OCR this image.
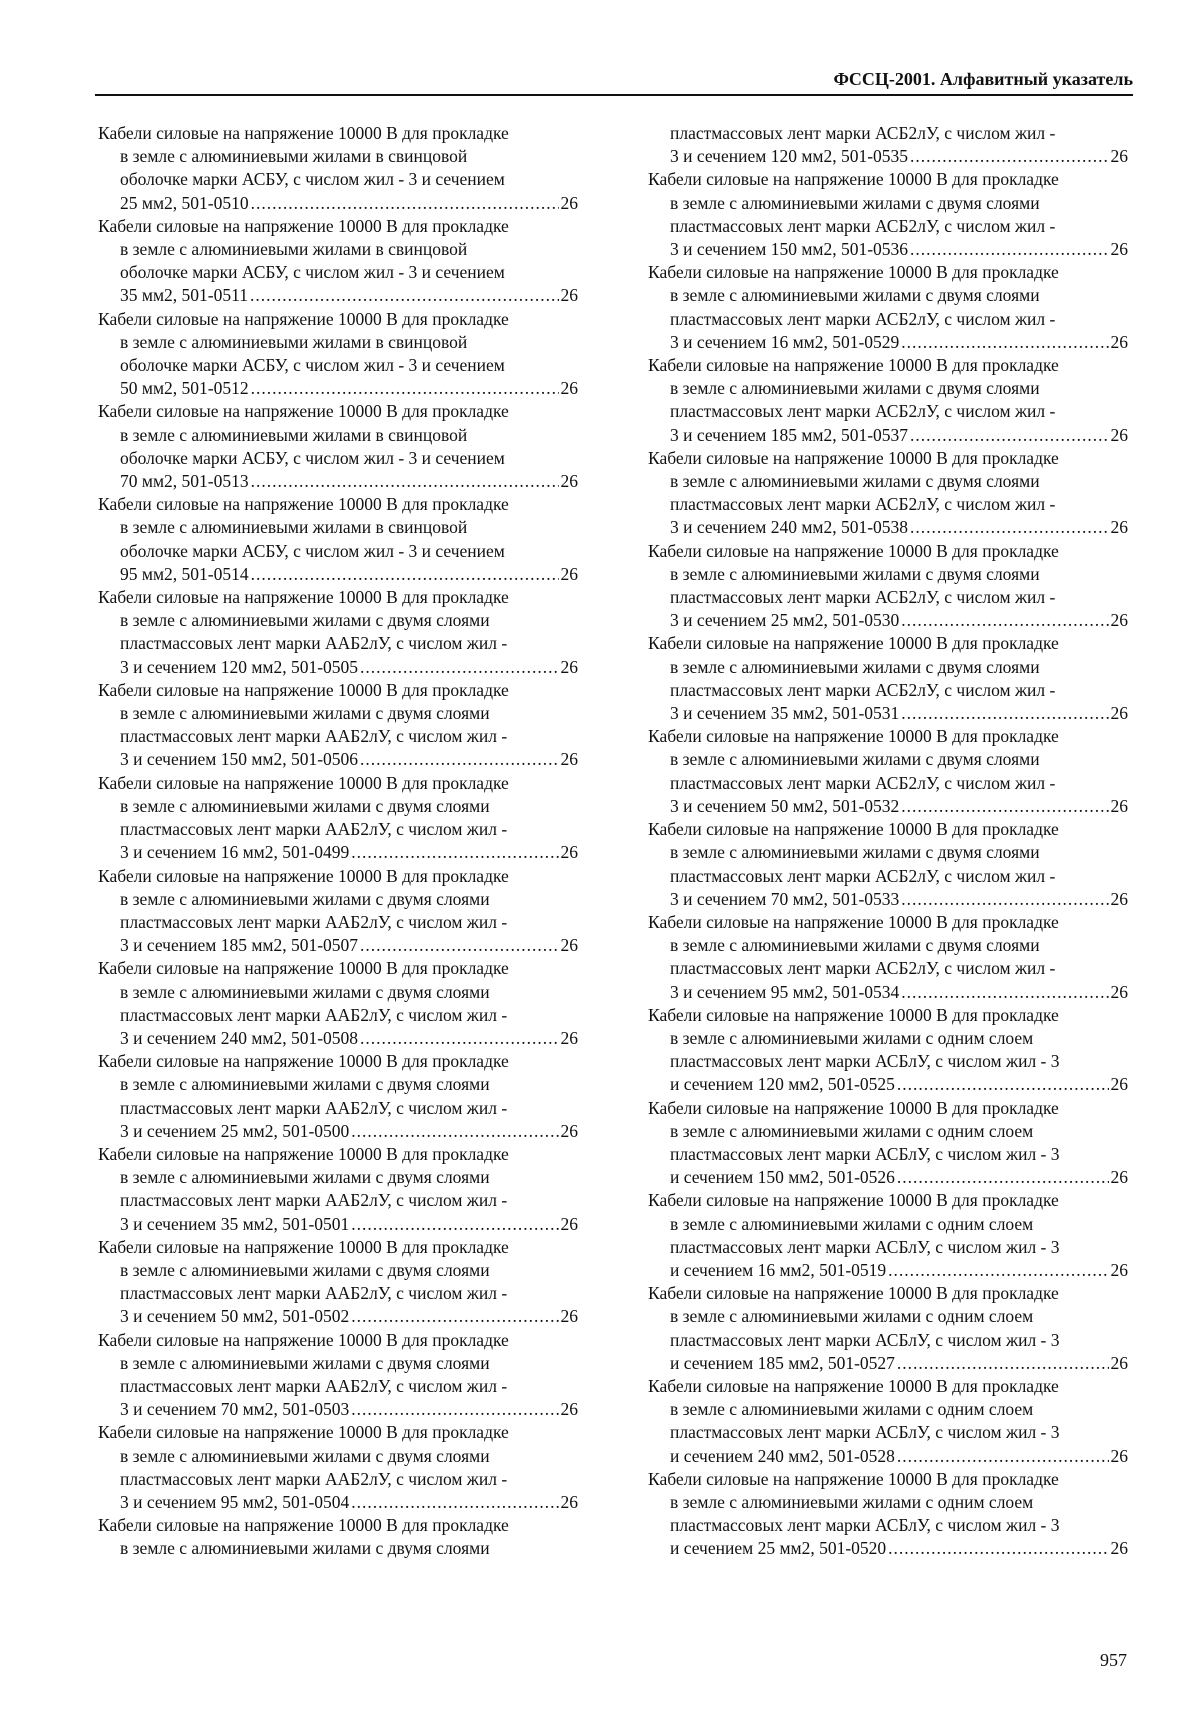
ФССЦ-2001. Алфавитный указатель
Кабели силовые на напряжение 10000 В для прокладке
в земле с алюминиевыми жилами в свинцовой
оболочке марки АСБУ, с числом жил - 3 и сечением
25 мм2, 501-0510 .....	26
Кабели силовые на напряжение 10000 В для прокладке
в земле с алюминиевыми жилами в свинцовой
оболочке марки АСБУ, с числом жил - 3 и сечением
35 мм2, 501-0511 .....	26
Кабели силовые на напряжение 10000 В для прокладке
в земле с алюминиевыми жилами в свинцовой
оболочке марки АСБУ, с числом жил - 3 и сечением
50 мм2, 501-0512 .....	26
Кабели силовые на напряжение 10000 В для прокладке
в земле с алюминиевыми жилами в свинцовой
оболочке марки АСБУ, с числом жил - 3 и сечением
70 мм2, 501-0513 .....	26
Кабели силовые на напряжение 10000 В для прокладке
в земле с алюминиевыми жилами в свинцовой
оболочке марки АСБУ, с числом жил - 3 и сечением
95 мм2, 501-0514 .....	26
Кабели силовые на напряжение 10000 В для прокладке
в земле с алюминиевыми жилами с двумя слоями
пластмассовых лент марки ААБ2лУ, с числом жил -
3 и сечением 120 мм2, 501-0505 .....	26
Кабели силовые на напряжение 10000 В для прокладке
в земле с алюминиевыми жилами с двумя слоями
пластмассовых лент марки ААБ2лУ, с числом жил -
3 и сечением 150 мм2, 501-0506 .....	26
Кабели силовые на напряжение 10000 В для прокладке
в земле с алюминиевыми жилами с двумя слоями
пластмассовых лент марки ААБ2лУ, с числом жил -
3 и сечением 16 мм2, 501-0499 .....	26
Кабели силовые на напряжение 10000 В для прокладке
в земле с алюминиевыми жилами с двумя слоями
пластмассовых лент марки ААБ2лУ, с числом жил -
3 и сечением 185 мм2, 501-0507 .....	26
Кабели силовые на напряжение 10000 В для прокладке
в земле с алюминиевыми жилами с двумя слоями
пластмассовых лент марки ААБ2лУ, с числом жил -
3 и сечением 240 мм2, 501-0508 .....	26
Кабели силовые на напряжение 10000 В для прокладке
в земле с алюминиевыми жилами с двумя слоями
пластмассовых лент марки ААБ2лУ, с числом жил -
3 и сечением 25 мм2, 501-0500 .....	26
Кабели силовые на напряжение 10000 В для прокладке
в земле с алюминиевыми жилами с двумя слоями
пластмассовых лент марки ААБ2лУ, с числом жил -
3 и сечением 35 мм2, 501-0501 .....	26
Кабели силовые на напряжение 10000 В для прокладке
в земле с алюминиевыми жилами с двумя слоями
пластмассовых лент марки ААБ2лУ, с числом жил -
3 и сечением 50 мм2, 501-0502 .....	26
Кабели силовые на напряжение 10000 В для прокладке
в земле с алюминиевыми жилами с двумя слоями
пластмассовых лент марки ААБ2лУ, с числом жил -
3 и сечением 70 мм2, 501-0503 .....	26
Кабели силовые на напряжение 10000 В для прокладке
в земле с алюминиевыми жилами с двумя слоями
пластмассовых лент марки ААБ2лУ, с числом жил -
3 и сечением 95 мм2, 501-0504 .....	26
Кабели силовые на напряжение 10000 В для прокладке
в земле с алюминиевыми жилами с двумя слоями
пластмассовых лент марки АСБ2лУ, с числом жил -
3 и сечением 120 мм2, 501-0535 .....	26
Кабели силовые на напряжение 10000 В для прокладке
в земле с алюминиевыми жилами с двумя слоями
пластмассовых лент марки АСБ2лУ, с числом жил -
3 и сечением 150 мм2, 501-0536 .....	26
Кабели силовые на напряжение 10000 В для прокладке
в земле с алюминиевыми жилами с двумя слоями
пластмассовых лент марки АСБ2лУ, с числом жил -
3 и сечением 16 мм2, 501-0529 .....	26
Кабели силовые на напряжение 10000 В для прокладке
в земле с алюминиевыми жилами с двумя слоями
пластмассовых лент марки АСБ2лУ, с числом жил -
3 и сечением 185 мм2, 501-0537 .....	26
Кабели силовые на напряжение 10000 В для прокладке
в земле с алюминиевыми жилами с двумя слоями
пластмассовых лент марки АСБ2лУ, с числом жил -
3 и сечением 240 мм2, 501-0538 .....	26
Кабели силовые на напряжение 10000 В для прокладке
в земле с алюминиевыми жилами с двумя слоями
пластмассовых лент марки АСБ2лУ, с числом жил -
3 и сечением 25 мм2, 501-0530 .....	26
Кабели силовые на напряжение 10000 В для прокладке
в земле с алюминиевыми жилами с двумя слоями
пластмассовых лент марки АСБ2лУ, с числом жил -
3 и сечением 35 мм2, 501-0531 .....	26
Кабели силовые на напряжение 10000 В для прокладке
в земле с алюминиевыми жилами с двумя слоями
пластмассовых лент марки АСБ2лУ, с числом жил -
3 и сечением 50 мм2, 501-0532 .....	26
Кабели силовые на напряжение 10000 В для прокладке
в земле с алюминиевыми жилами с двумя слоями
пластмассовых лент марки АСБ2лУ, с числом жил -
3 и сечением 70 мм2, 501-0533 .....	26
Кабели силовые на напряжение 10000 В для прокладке
в земле с алюминиевыми жилами с двумя слоями
пластмассовых лент марки АСБ2лУ, с числом жил -
3 и сечением 95 мм2, 501-0534 .....	26
Кабели силовые на напряжение 10000 В для прокладке
в земле с алюминиевыми жилами с одним слоем
пластмассовых лент марки АСБлУ, с числом жил - 3
и сечением 120 мм2, 501-0525 .....	26
Кабели силовые на напряжение 10000 В для прокладке
в земле с алюминиевыми жилами с одним слоем
пластмассовых лент марки АСБлУ, с числом жил - 3
и сечением 150 мм2, 501-0526 .....	26
Кабели силовые на напряжение 10000 В для прокладке
в земле с алюминиевыми жилами с одним слоем
пластмассовых лент марки АСБлУ, с числом жил - 3
и сечением 16 мм2, 501-0519 .....	26
Кабели силовые на напряжение 10000 В для прокладке
в земле с алюминиевыми жилами с одним слоем
пластмассовых лент марки АСБлУ, с числом жил - 3
и сечением 185 мм2, 501-0527 .....	26
Кабели силовые на напряжение 10000 В для прокладке
в земле с алюминиевыми жилами с одним слоем
пластмассовых лент марки АСБлУ, с числом жил - 3
и сечением 240 мм2, 501-0528 .....	26
Кабели силовые на напряжение 10000 В для прокладке
в земле с алюминиевыми жилами с одним слоем
пластмассовых лент марки АСБлУ, с числом жил - 3
и сечением 25 мм2, 501-0520 .....	26
957
